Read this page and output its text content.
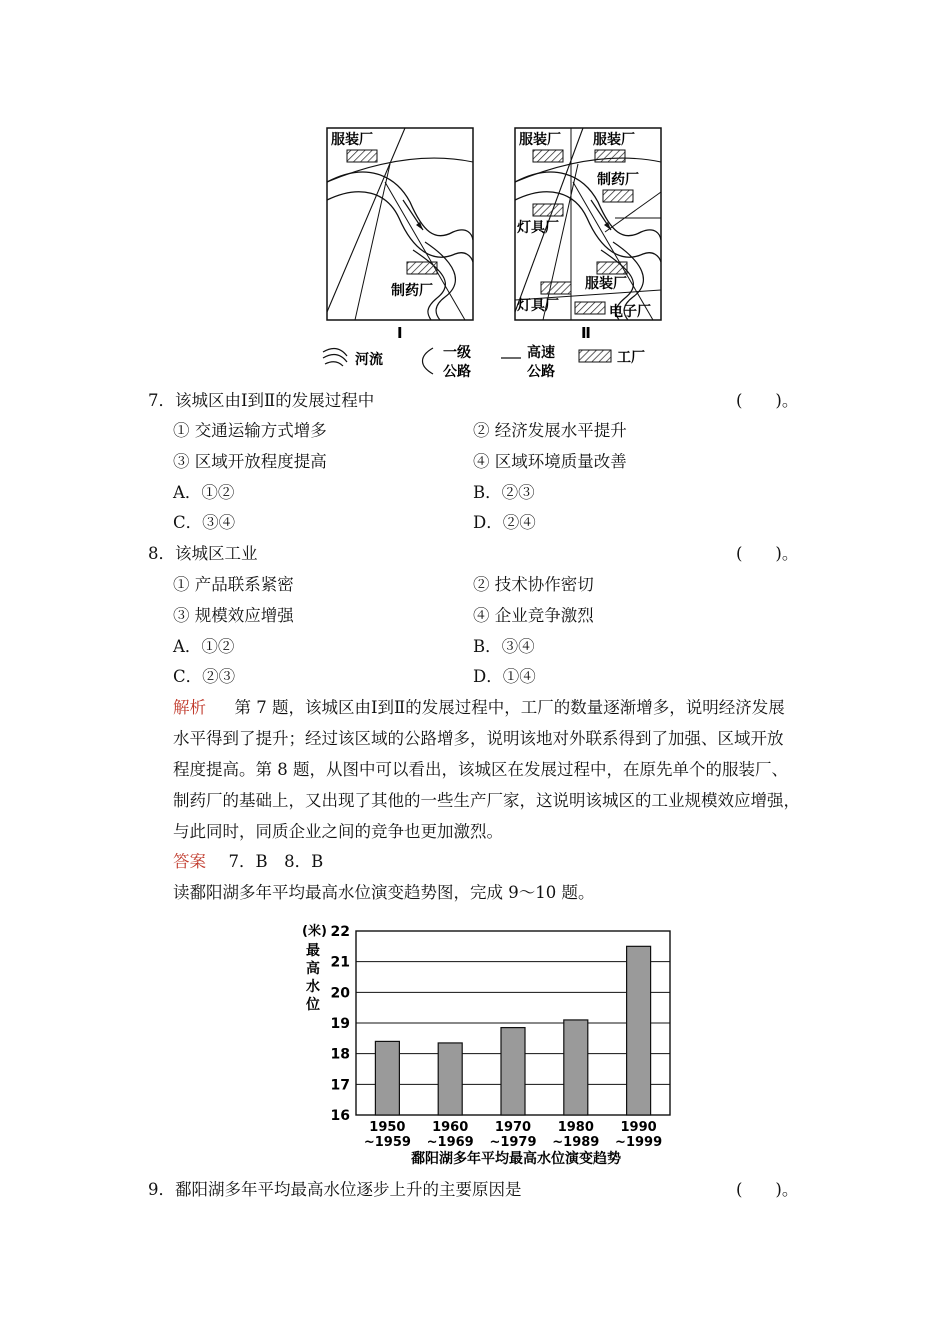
服装厂
制药厂
Ⅰ
服装厂 服装厂
制药厂
灯具厂
服装厂
灯具厂	电子厂
Ⅱ
河流	一级
公路
高速
公路
工厂
7．该城区由Ⅰ到Ⅱ的发展过程中	(　　)。
① 交通运输方式增多	② 经济发展水平提升
③ 区域开放程度提高	④ 区域环境质量改善
A．①②	B．②③
C．③④	D．②④
8．该城区工业	(　　)。
① 产品联系紧密	② 技术协作密切
③ 规模效应增强	④ 企业竞争激烈
A．①②	B．③④
C．②③	D．①④
解析 第 7 题，该城区由Ⅰ到Ⅱ的发展过程中，工厂的数量逐渐增多，说明经济发展
水平得到了提升；经过该区域的公路增多，说明该地对外联系得到了加强、区域开放
程度提高。第 8 题，从图中可以看出，该城区在发展过程中，在原先单个的服装厂、
制药厂的基础上，又出现了其他的一些生产厂家，这说明该城区的工业规模效应增强，
与此同时，同质企业之间的竞争也更加激烈。
答案 7．B　8．B
读鄱阳湖多年平均最高水位演变趋势图，完成 9～10 题。
16
17
18
19
20
21
22
1950
~1959
1960
~1969
1970
~1979
1980
~1989
1990
~1999
(米)
最
高
水
位
鄱阳湖多年平均最高水位演变趋势
9．鄱阳湖多年平均最高水位逐步上升的主要原因是	(　　)。
